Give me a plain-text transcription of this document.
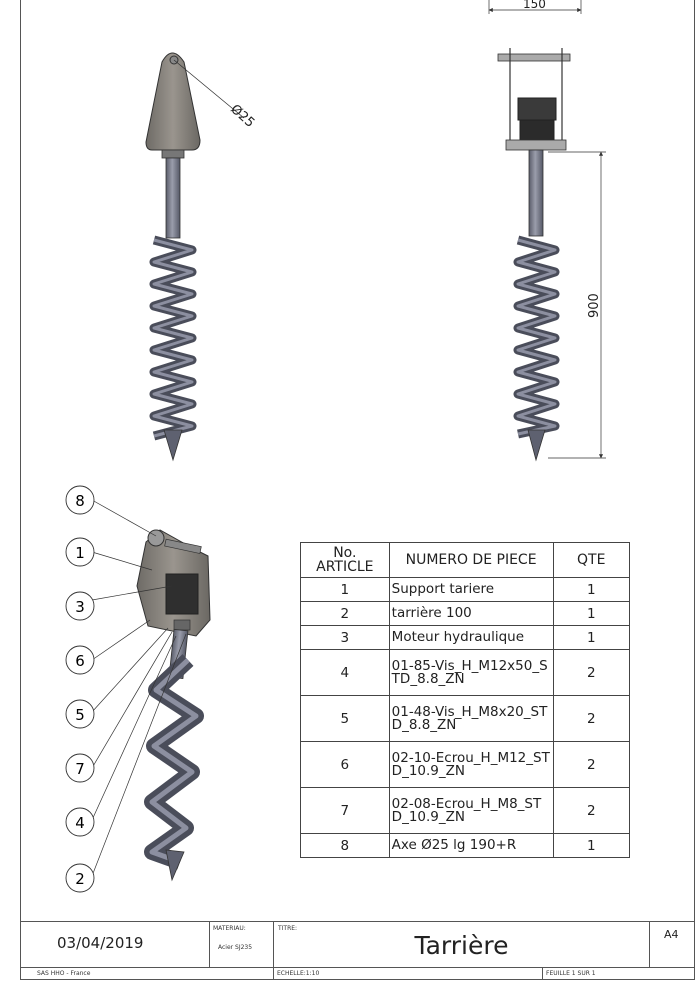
Ø25
150
900
8
1
3
6
5
7
4
2
No. ARTICLE	NUMERO DE PIECE	QTE
1	Support tariere	1
2	tarrière 100	1
3	Moteur hydraulique	1
4	01-85-Vis_H_M12x50_STD_8.8_ZN	2
5	01-48-Vis_H_M8x20_STD_8.8_ZN	2
6	02-10-Ecrou_H_M12_STD_10.9_ZN	2
7	02-08-Ecrou_H_M8_STD_10.9_ZN	2
8	Axe Ø25 lg 190+R	1
03/04/2019
MATERIAU:
Acier SJ235
TITRE:
Tarrière	A4
SAS HHO - France	ECHELLE:1:10	FEUILLE 1 SUR 1
